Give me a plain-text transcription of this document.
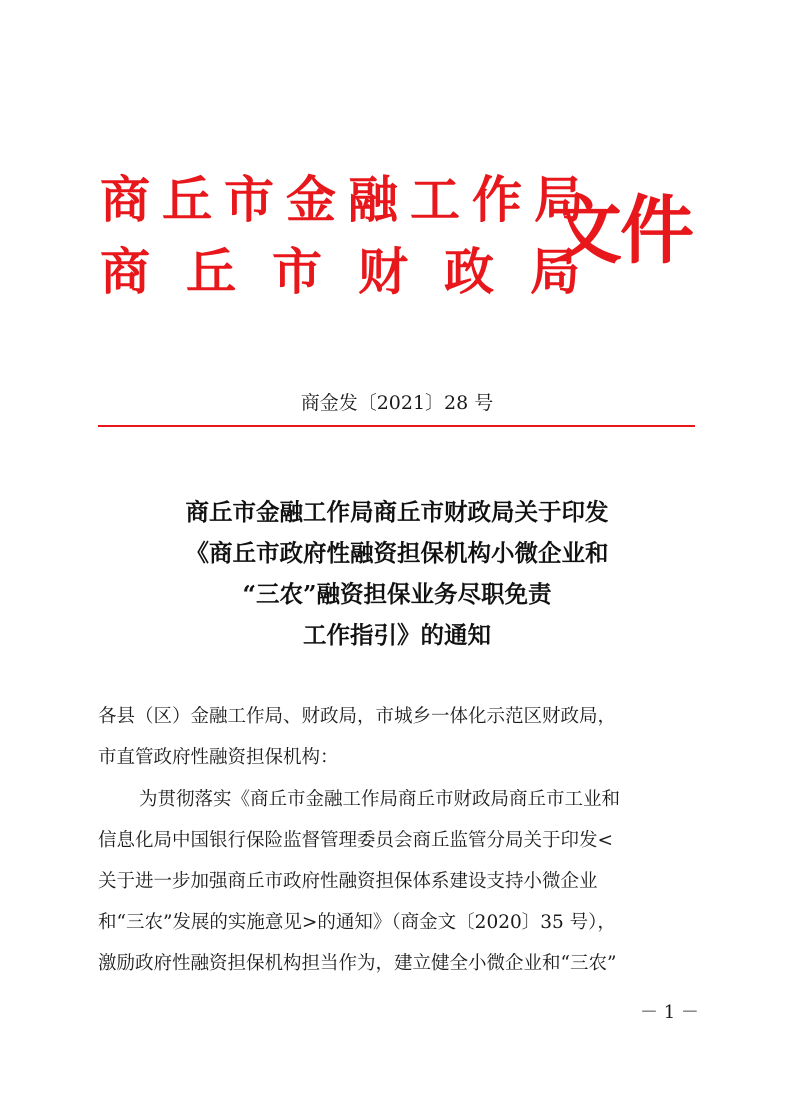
商丘市金融工作局
商丘市财政局
文件
商金发〔2021〕28 号
商丘市金融工作局商丘市财政局关于印发
《商丘市政府性融资担保机构小微企业和
“三农”融资担保业务尽职免责
工作指引》的通知
各县（区）金融工作局、财政局，市城乡一体化示范区财政局，
市直管政府性融资担保机构：
为贯彻落实《商丘市金融工作局商丘市财政局商丘市工业和
信息化局中国银行保险监督管理委员会商丘监管分局关于印发<
关于进一步加强商丘市政府性融资担保体系建设支持小微企业
和“三农”发展的实施意见>的通知》（商金文〔2020〕35 号），
激励政府性融资担保机构担当作为，建立健全小微企业和“三农”
－ 1 －
